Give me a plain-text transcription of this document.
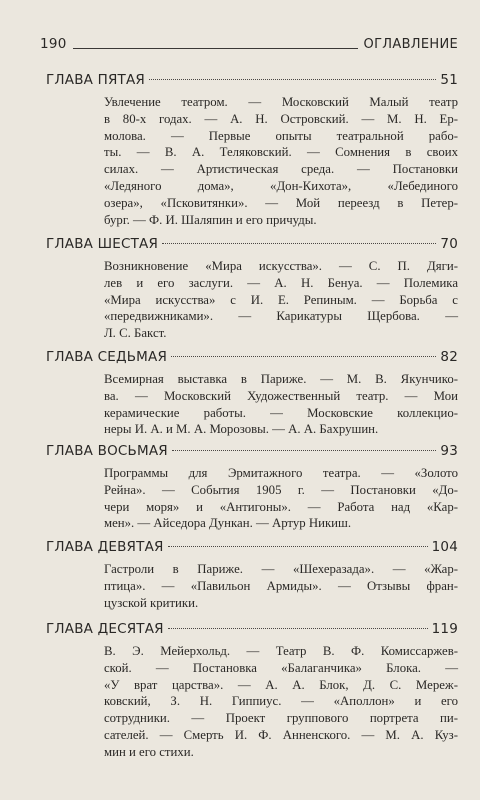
190	ОГЛАВЛЕНИЕ
ГЛАВА ПЯТАЯ	51
Увлечение театром. — Московский Малый театр
в 80-х годах. — А. Н. Островский. — М. Н. Ер-
молова. — Первые опыты театральной рабо-
ты. — В. А. Теляковский. — Сомнения в своих
силах. — Артистическая среда. — Постановки
«Ледяного дома», «Дон-Кихота», «Лебединого
озера», «Псковитянки». — Мой переезд в Петер-
бург. — Ф. И. Шаляпин и его причуды.
ГЛАВА ШЕСТАЯ	70
Возникновение «Мира искусства». — С. П. Дяги-
лев и его заслуги. — А. Н. Бенуа. — Полемика
«Мира искусства» с И. Е. Репиным. — Борьба с
«передвижниками». — Карикатуры Щербова. —
Л. С. Бакст.
ГЛАВА СЕДЬМАЯ	82
Всемирная выставка в Париже. — М. В. Якунчико-
ва. — Московский Художественный театр. — Мои
керамические работы. — Московские коллекцио-
неры И. А. и М. А. Морозовы. — А. А. Бахрушин.
ГЛАВА ВОСЬМАЯ	93
Программы для Эрмитажного театра. — «Золото
Рейна». — События 1905 г. — Постановки «До-
чери моря» и «Антигоны». — Работа над «Кар-
мен». — Айседора Дункан. — Артур Никиш.
ГЛАВА ДЕВЯТАЯ	104
Гастроли в Париже. — «Шехеразада». — «Жар-
птица». — «Павильон Армиды». — Отзывы фран-
цузской критики.
ГЛАВА ДЕСЯТАЯ	119
В. Э. Мейерхольд. — Театр В. Ф. Комиссаржев-
ской. — Постановка «Балаганчика» Блока. —
«У врат царства». — А. А. Блок, Д. С. Мереж-
ковский, З. Н. Гиппиус. — «Аполлон» и его
сотрудники. — Проект группового портрета пи-
сателей. — Смерть И. Ф. Анненского. — М. А. Куз-
мин и его стихи.
